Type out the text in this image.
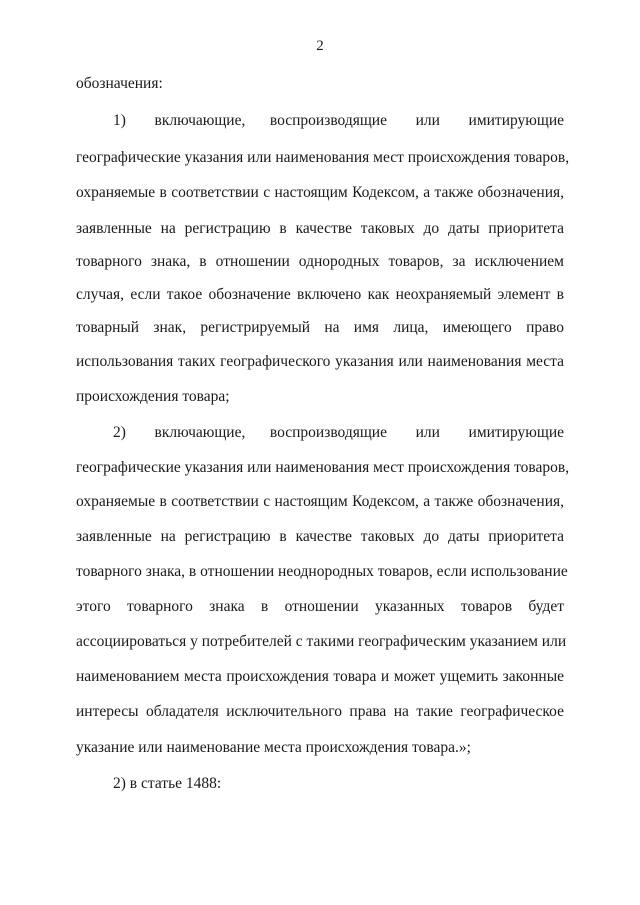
2
обозначения:
1)       включающие,      воспроизводящие       или       имитирующие
географические указания или наименования мест происхождения товаров,
охраняемые в соответствии с настоящим Кодексом, а также обозначения,
заявленные на регистрацию в качестве таковых до даты приоритета
товарного знака, в отношении однородных товаров, за исключением
случая, если такое обозначение включено как неохраняемый элемент в
товарный знак, регистрируемый на имя лица, имеющего право
использования таких географического указания или наименования места
происхождения товара;
2)       включающие,      воспроизводящие       или       имитирующие
географические указания или наименования мест происхождения товаров,
охраняемые в соответствии с настоящим Кодексом, а также обозначения,
заявленные на регистрацию в качестве таковых до даты приоритета
товарного знака, в отношении неоднородных товаров, если использование
этого товарного знака в отношении указанных товаров будет
ассоциироваться у потребителей с такими географическим указанием или
наименованием места происхождения товара и может ущемить законные
интересы обладателя исключительного права на такие географическое
указание или наименование места происхождения товара.»;
2) в статье 1488:
